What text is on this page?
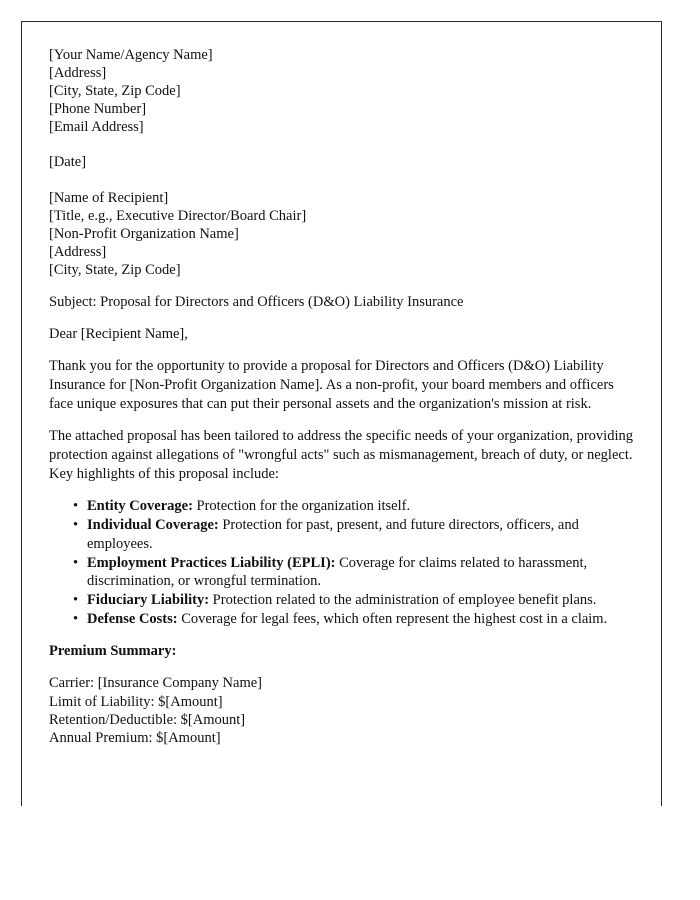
[Your Name/Agency Name]
[Address]
[City, State, Zip Code]
[Phone Number]
[Email Address]
[Date]
[Name of Recipient]
[Title, e.g., Executive Director/Board Chair]
[Non-Profit Organization Name]
[Address]
[City, State, Zip Code]
Subject: Proposal for Directors and Officers (D&O) Liability Insurance
Dear [Recipient Name],

Thank you for the opportunity to provide a proposal for Directors and Officers (D&O) Liability Insurance for [Non-Profit Organization Name]. As a non-profit, your board members and officers face unique exposures that can put their personal assets and the organization's mission at risk.

The attached proposal has been tailored to address the specific needs of your organization, providing protection against allegations of "wrongful acts" such as mismanagement, breach of duty, or neglect. Key highlights of this proposal include:

• Entity Coverage: Protection for the organization itself.
• Individual Coverage: Protection for past, present, and future directors, officers, and employees.
• Employment Practices Liability (EPLI): Coverage for claims related to harassment, discrimination, or wrongful termination.
• Fiduciary Liability: Protection related to the administration of employee benefit plans.
• Defense Costs: Coverage for legal fees, which often represent the highest cost in a claim.
Premium Summary:
Carrier: [Insurance Company Name]
Limit of Liability: $[Amount]
Retention/Deductible: $[Amount]
Annual Premium: $[Amount]
